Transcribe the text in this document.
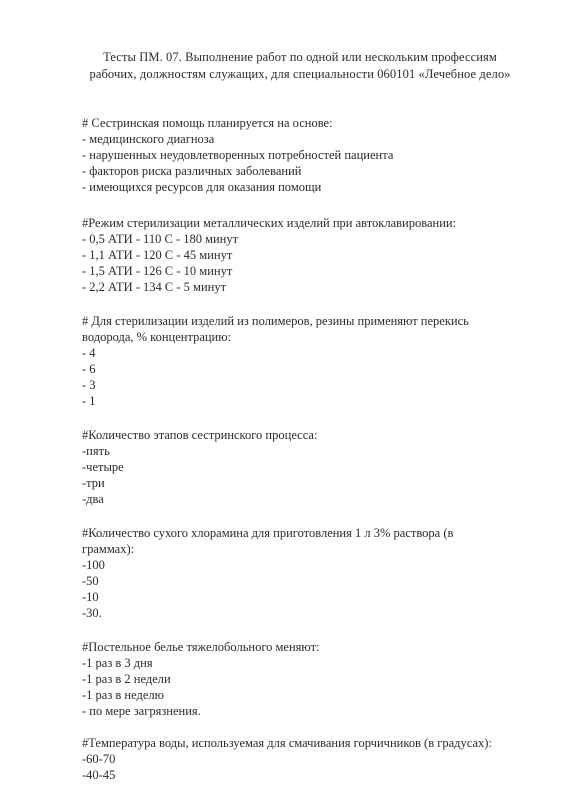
Тесты ПМ. 07. Выполнение работ по одной или нескольким профессиям
рабочих, должностям служащих, для специальности 060101 «Лечебное дело»
# Сестринская помощь планируется на основе:
- медицинского диагноза
- нарушенных неудовлетворенных потребностей пациента
- факторов риска различных заболеваний
- имеющихся ресурсов для оказания помощи
#Режим стерилизации металлических изделий при автоклавировании:
- 0,5 АТИ - 110 С - 180 минут
- 1,1 АТИ - 120 С - 45 минут
- 1,5 АТИ - 126 С - 10 минут
- 2,2 АТИ - 134 С - 5 минут
# Для стерилизации изделий из полимеров, резины применяют перекись
водорода, % концентрацию:
- 4
- 6
- 3
- 1
#Количество этапов сестринского процесса:
-пять
-четыре
-три
-два
#Количество сухого хлорамина для приготовления 1 л 3% раствора (в
граммах):
-100
-50
-10
-30.
#Постельное белье тяжелобольного меняют:
-1 раз в 3 дня
-1 раз в 2 недели
-1 раз в неделю
- по мере загрязнения.
#Температура воды, используемая для смачивания горчичников (в градусах):
-60-70
-40-45
